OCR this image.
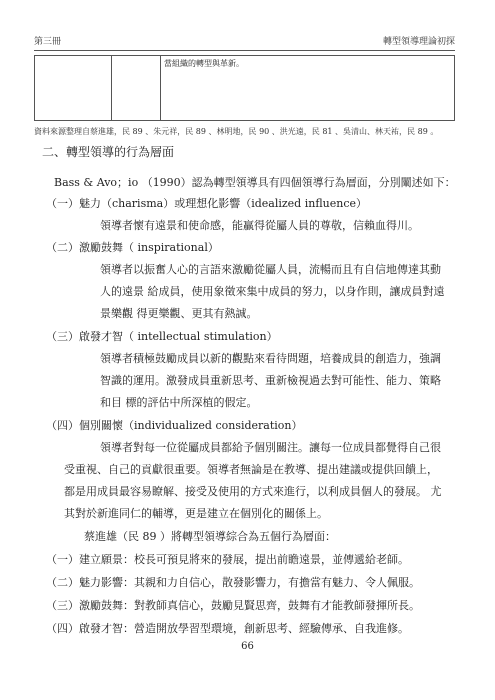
第三冊	轉型領導理論初探
		當組織的轉型與革新。
資料來源整理自蔡進雄，民 89 、朱元祥，民 89 、林明地，民 90 、洪光遠，民 81 、吳清山、林天祐，民 89 。
二、轉型領導的行為層面
Bass & Avo；io （1990）認為轉型領導具有四個領導行為層面，分別闡述如下：
（一）魅力（charisma）或理想化影響（idealized influence）
領導者懷有遠景和使命感，能贏得從屬人員的尊敬，信賴血得川。
（二）激勵鼓舞（ inspirational）
領導者以振奮人心的言語來激勵從屬人員，流暢而且有自信地傳達其動
人的遠景 給成員，使用象徵來集中成員的努力，以身作則，讓成員對遠
景樂觀 得更樂觀、更其有熱誠。
（三）啟發才智（ intellectual stimulation）
領導者積極鼓勵成員以新的觀點來看待問題，培養成員的創造力，強調
智識的運用。激發成員重新思考、重新檢視過去對可能性、能力、策略
和目 標的評估中所深植的假定。
（四）個別關懷（individualized consideration）
領導者對每一位從屬成員都給予個別關注。讓每一位成員都覺得自己很
受重視、自己的貢獻很重要。領導者無論是在教導、提出建議或提供回饋上，
都是用成員最容易瞭解、接受及使用的方式來進行，以利成員個人的發展。 尤
其對於新進同仁的輔導，更是建立在個別化的關係上。
蔡進雄（民 89 ）將轉型領導綜合為五個行為層面：
（一）建立願景：校長可預見將來的發展，提出前瞻遠景，並傳遞給老師。
（二）魅力影響：其親和力自信心，散發影響力，有擔當有魅力、令人佩服。
（三）激勵鼓舞：對教師真信心，鼓勵見賢思齊，鼓舞有才能教師發揮所長。
（四）啟發才智：營造開放學習型環境，創新思考、經驗傳承、自我進修。
66
